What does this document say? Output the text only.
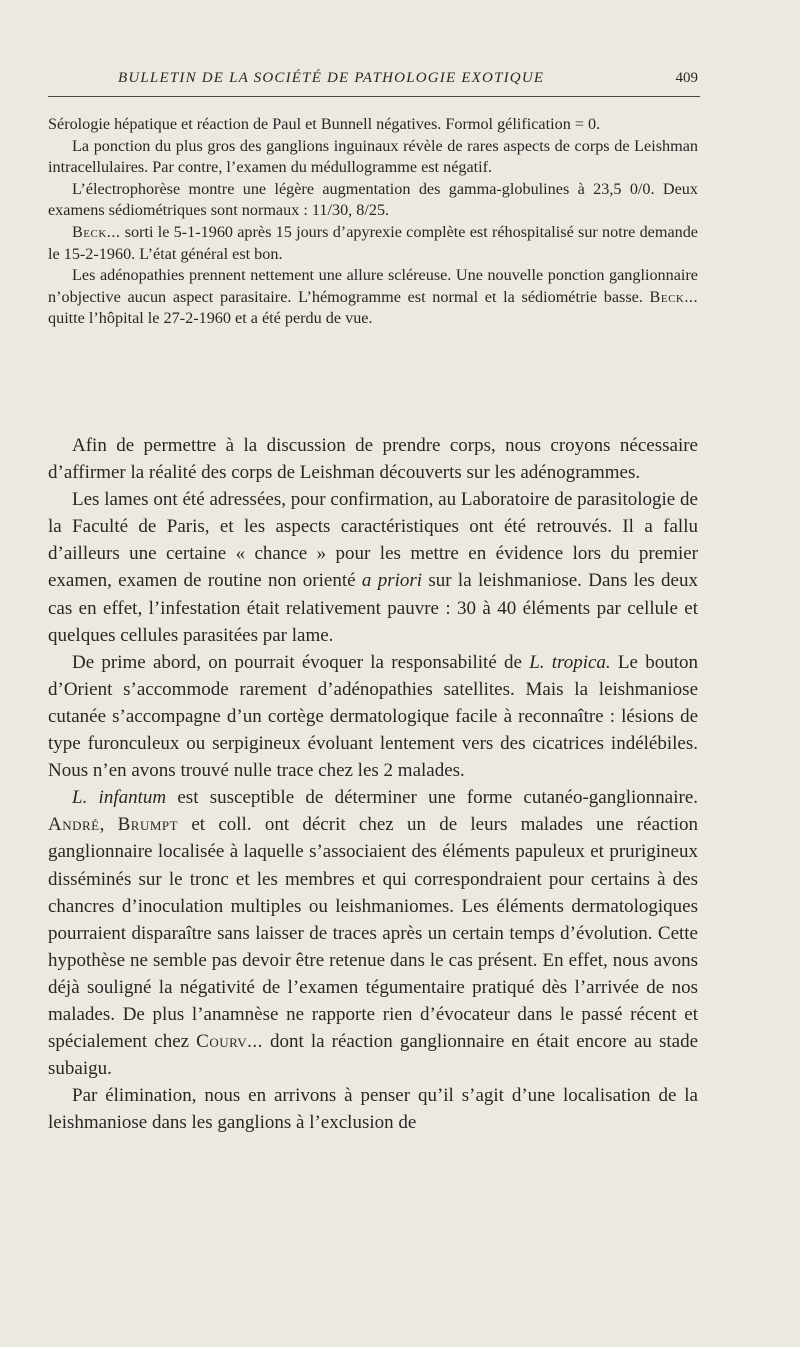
BULLETIN DE LA SOCIÉTÉ DE PATHOLOGIE EXOTIQUE	409

Sérologie hépatique et réaction de Paul et Bunnell négatives. Formol gélification = 0.

La ponction du plus gros des ganglions inguinaux révèle de rares aspects de corps de Leishman intracellulaires. Par contre, l’examen du médullogramme est négatif.

L’électrophorèse montre une légère augmentation des gamma-globulines à 23,5 0/0. Deux examens sédiométriques sont normaux : 11/30, 8/25.

Beck... sorti le 5-1-1960 après 15 jours d’apyrexie complète est réhospitalisé sur notre demande le 15-2-1960. L’état général est bon.

Les adénopathies prennent nettement une allure scléreuse. Une nouvelle ponction ganglionnaire n’objective aucun aspect parasitaire. L’hémogramme est normal et la sédiométrie basse. Beck... quitte l’hôpital le 27-2-1960 et a été perdu de vue.

Afin de permettre à la discussion de prendre corps, nous croyons nécessaire d’affirmer la réalité des corps de Leishman découverts sur les adénogrammes.

Les lames ont été adressées, pour confirmation, au Laboratoire de parasitologie de la Faculté de Paris, et les aspects caractéristiques ont été retrouvés. Il a fallu d’ailleurs une certaine « chance » pour les mettre en évidence lors du premier examen, examen de routine non orienté a priori sur la leishmaniose. Dans les deux cas en effet, l’infestation était relativement pauvre : 30 à 40 éléments par cellule et quelques cellules parasitées par lame.

De prime abord, on pourrait évoquer la responsabilité de L. tropica. Le bouton d’Orient s’accommode rarement d’adénopathies satellites. Mais la leishmaniose cutanée s’accompagne d’un cortège dermatologique facile à reconnaître : lésions de type furonculeux ou serpigineux évoluant lentement vers des cicatrices indélébiles. Nous n’en avons trouvé nulle trace chez les 2 malades.

L. infantum est susceptible de déterminer une forme cutanéo-ganglionnaire. André, Brumpt et coll. ont décrit chez un de leurs malades une réaction ganglionnaire localisée à laquelle s’associaient des éléments papuleux et prurigineux disséminés sur le tronc et les membres et qui correspondraient pour certains à des chancres d’inoculation multiples ou leishmaniomes. Les éléments dermatologiques pourraient disparaître sans laisser de traces après un certain temps d’évolution. Cette hypothèse ne semble pas devoir être retenue dans le cas présent. En effet, nous avons déjà souligné la négativité de l’examen tégumentaire pratiqué dès l’arrivée de nos malades. De plus l’anamnèse ne rapporte rien d’évocateur dans le passé récent et spécialement chez Courv... dont la réaction ganglionnaire en était encore au stade subaigu.

Par élimination, nous en arrivons à penser qu’il s’agit d’une localisation de la leishmaniose dans les ganglions à l’exclusion de
